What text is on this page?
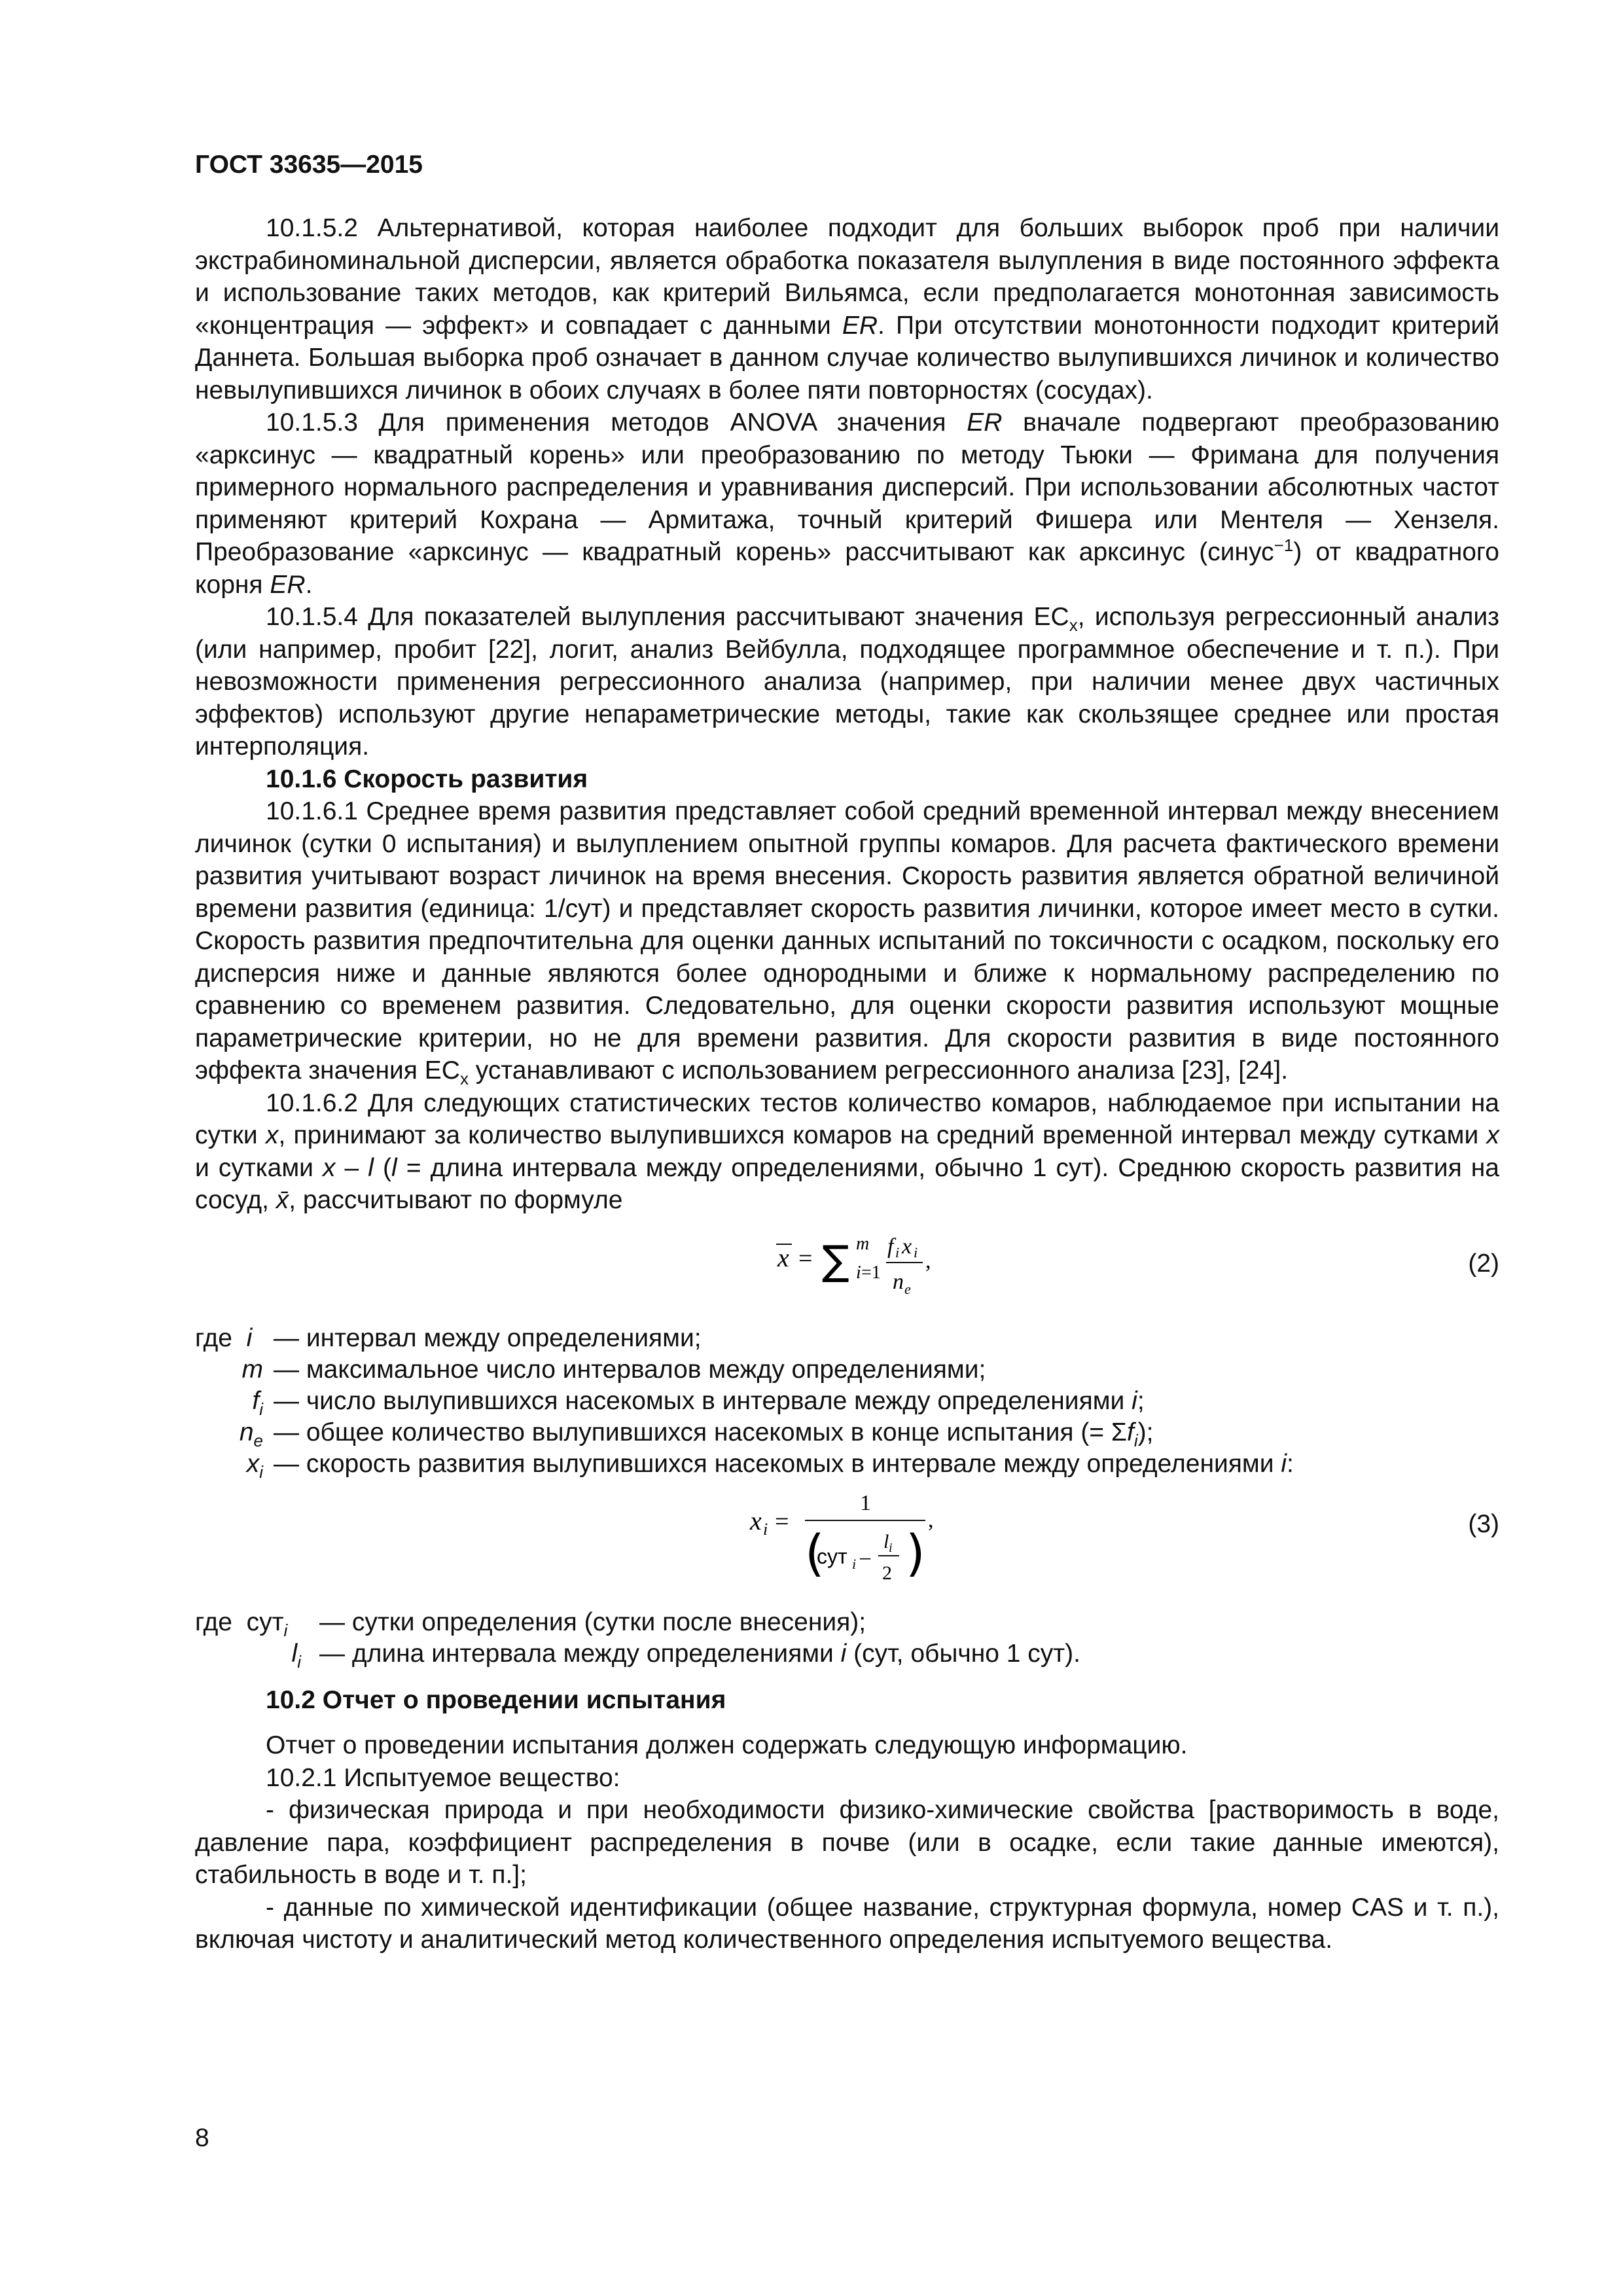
ГОСТ 33635—2015

10.1.5.2 Альтернативой, которая наиболее подходит для больших выборок проб при наличии экстрабиноминальной дисперсии, является обработка показателя вылупления в виде постоянного эффекта и использование таких методов, как критерий Вильямса, если предполагается монотонная зависимость «концентрация — эффект» и совпадает с данными ER. При отсутствии монотонности подходит критерий Даннета. Большая выборка проб означает в данном случае количество вылупившихся личинок и количество невылупившихся личинок в обоих случаях в более пяти повторностях (сосудах).

10.1.5.3 Для применения методов ANOVA значения ER вначале подвергают преобразованию «арксинус — квадратный корень» или преобразованию по методу Тьюки — Фримана для получения примерного нормального распределения и уравнивания дисперсий. При использовании абсолютных частот применяют критерий Кохрана — Армитажа, точный критерий Фишера или Ментеля — Хензеля. Преобразование «арксинус — квадратный корень» рассчитывают как арксинус (синус$^{-1}$) от квадратного корня ER.

10.1.5.4 Для показателей вылупления рассчитывают значения $EC_x$, используя регрессионный анализ (или например, пробит [22], логит, анализ Вейбулла, подходящее программное обеспечение и т. п.). При невозможности применения регрессионного анализа (например, при наличии менее двух частичных эффектов) используют другие непараметрические методы, такие как скользящее среднее или простая интерполяция.

10.1.6 Скорость развития

10.1.6.1 Среднее время развития представляет собой средний временной интервал между внесением личинок (сутки 0 испытания) и вылуплением опытной группы комаров. Для расчета фактического времени развития учитывают возраст личинок на время внесения. Скорость развития является обратной величиной времени развития (единица: 1/сут) и представляет скорость развития личинки, которое имеет место в сутки. Скорость развития предпочтительна для оценки данных испытаний по токсичности с осадком, поскольку его дисперсия ниже и данные являются более однородными и ближе к нормальному распределению по сравнению со временем развития. Следовательно, для оценки скорости развития используют мощные параметрические критерии, но не для времени развития. Для скорости развития в виде постоянного эффекта значения $EC_x$ устанавливают с использованием регрессионного анализа [23], [24].

10.1.6.2 Для следующих статистических тестов количество комаров, наблюдаемое при испытании на сутки x, принимают за количество вылупившихся комаров на средний временной интервал между сутками x и сутками x – l (l = длина интервала между определениями, обычно 1 сут). Среднюю скорость развития на сосуд, x̄, рассчитывают по формуле

x = ∑ m
i =1
f i x i
n e
,	(2)
где  i — интервал между определениями;
m — максимальное число интервалов между определениями;
$f_i$ — число вылупившихся насекомых в интервале между определениями i;
$n_e$ — общее количество вылупившихся насекомых в конце испытания (= $\Sigma f_i$);
$x_i$ — скорость развития вылупившихся насекомых в интервале между определениями i:
x i =
1
(
сут i –
l i
2 )
,	(3)
где  сут$_i$	— сутки определения (сутки после внесения);
$l_i$ — длина интервала между определениями i (сут, обычно 1 сут).
10.2 Отчет о проведении испытания

Отчет о проведении испытания должен содержать следующую информацию.

10.2.1 Испытуемое вещество:

- физическая природа и при необходимости физико-химические свойства [растворимость в воде, давление пара, коэффициент распределения в почве (или в осадке, если такие данные имеются), стабильность в воде и т. п.];

- данные по химической идентификации (общее название, структурная формула, номер CAS и т. п.), включая чистоту и аналитический метод количественного определения испытуемого вещества.

8
